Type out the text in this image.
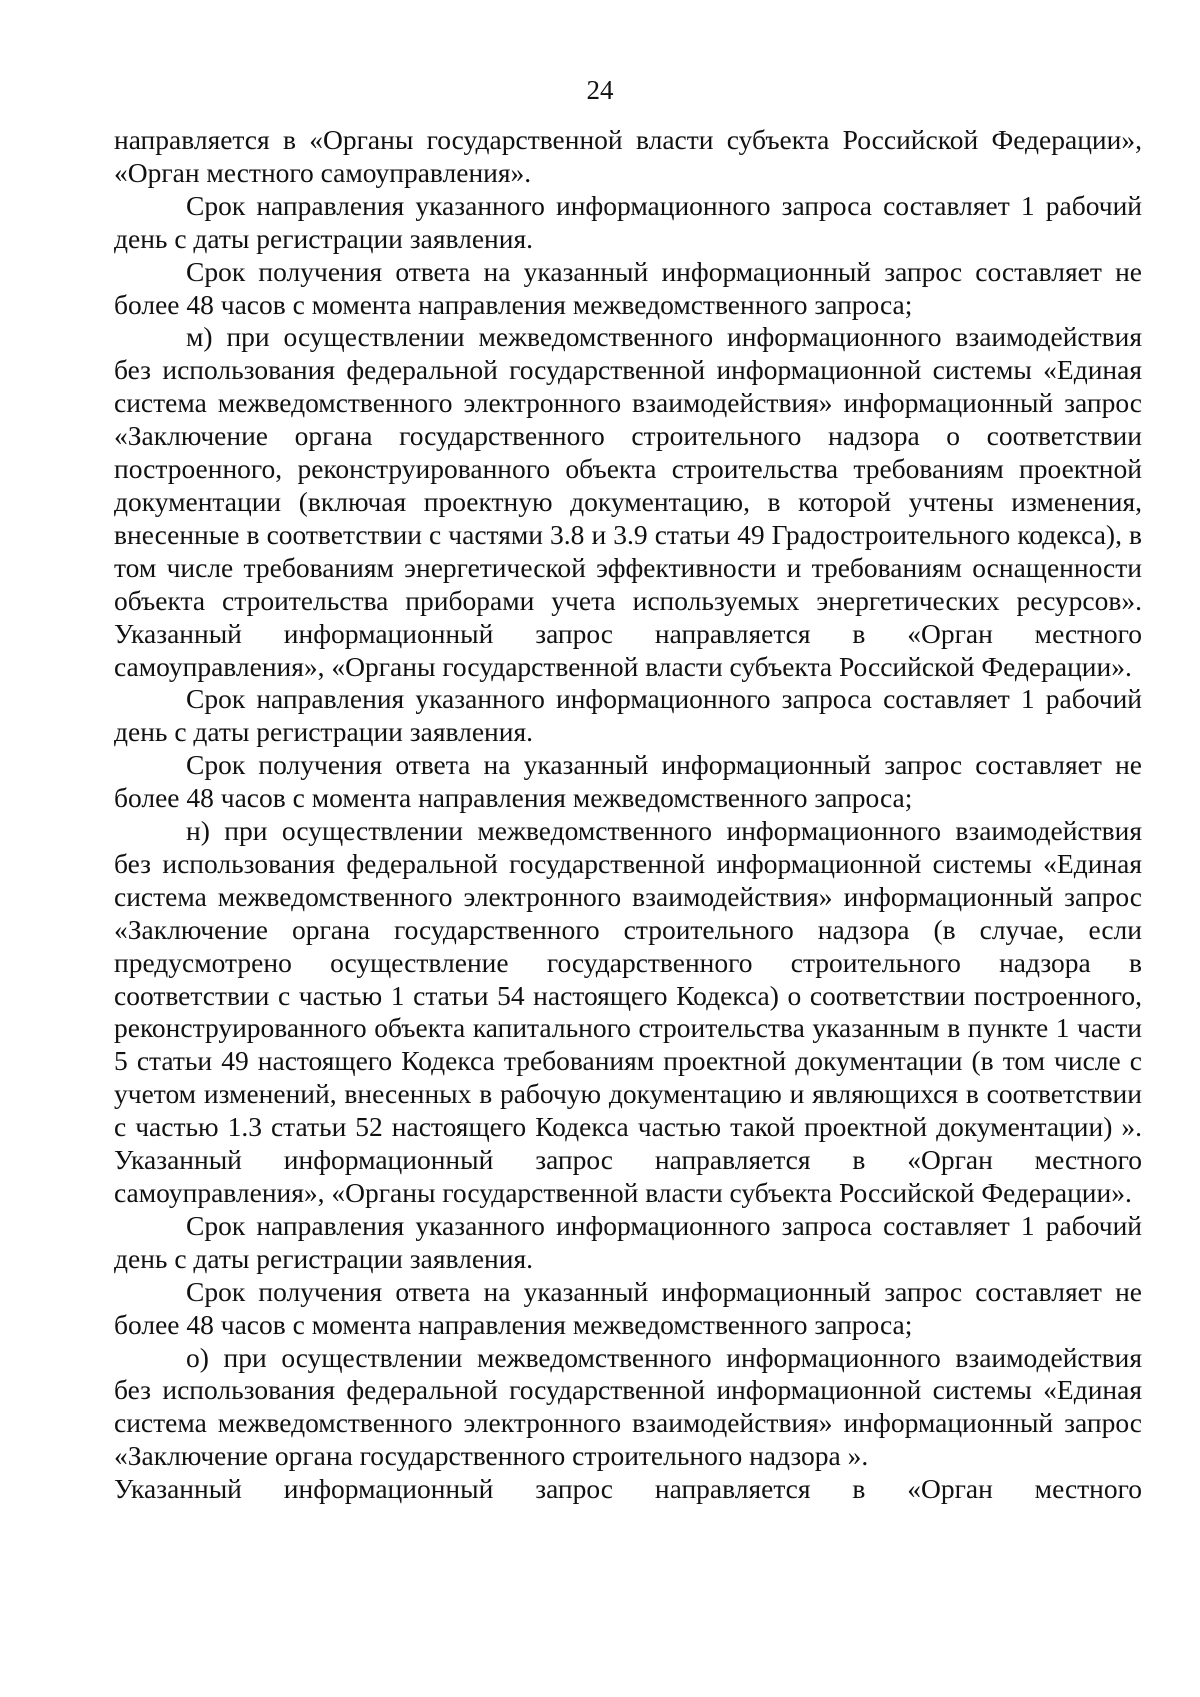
24

направляется в «Органы государственной власти субъекта Российской Федерации», «Орган местного самоуправления».

Срок направления указанного информационного запроса составляет 1 рабочий день с даты регистрации заявления.

Срок получения ответа на указанный информационный запрос составляет не более 48 часов с момента направления межведомственного запроса;

м) при осуществлении межведомственного информационного взаимодействия без использования федеральной государственной информационной системы «Единая система межведомственного электронного взаимодействия» информационный запрос «Заключение органа государственного строительного надзора о соответствии построенного, реконструированного объекта строительства требованиям проектной документации (включая проектную документацию, в которой учтены изменения, внесенные в соответствии с частями 3.8 и 3.9 статьи 49 Градостроительного кодекса), в том числе требованиям энергетической эффективности и требованиям оснащенности объекта строительства приборами учета используемых энергетических ресурсов». Указанный информационный запрос направляется в «Орган местного самоуправления», «Органы государственной власти субъекта Российской Федерации».

Срок направления указанного информационного запроса составляет 1 рабочий день с даты регистрации заявления.

Срок получения ответа на указанный информационный запрос составляет не более 48 часов с момента направления межведомственного запроса;

н) при осуществлении межведомственного информационного взаимодействия без использования федеральной государственной информационной системы «Единая система межведомственного электронного взаимодействия» информационный запрос «Заключение органа государственного строительного надзора (в случае, если предусмотрено осуществление государственного строительного надзора в соответствии с частью 1 статьи 54 настоящего Кодекса) о соответствии построенного, реконструированного объекта капитального строительства указанным в пункте 1 части 5 статьи 49 настоящего Кодекса требованиям проектной документации (в том числе с учетом изменений, внесенных в рабочую документацию и являющихся в соответствии с частью 1.3 статьи 52 настоящего Кодекса частью такой проектной документации) ». Указанный информационный запрос направляется в «Орган местного самоуправления», «Органы государственной власти субъекта Российской Федерации».

Срок направления указанного информационного запроса составляет 1 рабочий день с даты регистрации заявления.

Срок получения ответа на указанный информационный запрос составляет не более 48 часов с момента направления межведомственного запроса;

о) при осуществлении межведомственного информационного взаимодействия без использования федеральной государственной информационной системы «Единая система межведомственного электронного взаимодействия» информационный запрос «Заключение органа государственного строительного надзора ».

Указанный информационный запрос направляется в «Орган местного
